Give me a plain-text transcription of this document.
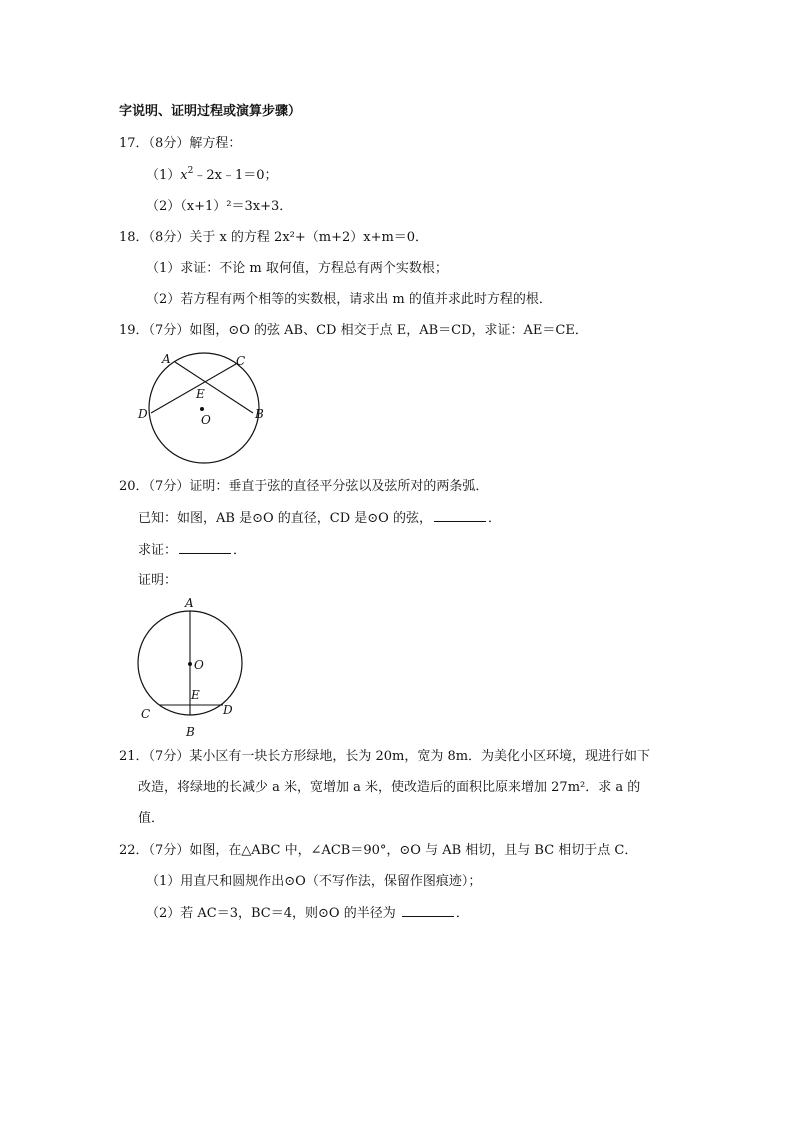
字说明、证明过程或演算步骤）
17．（8分）解方程：
$(1)x^2﹣2x﹣1=0$；
（2）（x+1）²＝3x+3．
18．（8分）关于 x 的方程 2x²+（m+2）x+m＝0．
（1）求证：不论 m 取何值，方程总有两个实数根；
（2）若方程有两个相等的实数根，请求出 m 的值并求此时方程的根．
19．（7分）如图，⊙O 的弦 AB、CD 相交于点 E，AB＝CD，求证：AE＝CE．
A	C
E
D	B
O
20．（7分）证明：垂直于弦的直径平分弦以及弦所对的两条弧．
已知：如图，AB 是⊙O 的直径，CD 是⊙O 的弦，	．
求证：	．
证明：
A
O
E
C	D
B
21．（7分）某小区有一块长方形绿地，长为 20m，宽为 8m．为美化小区环境，现进行如下
改造，将绿地的长减少 a 米，宽增加 a 米，使改造后的面积比原来增加 27m²．求 a 的
值．
22．（7分）如图，在△ABC 中，∠ACB＝90°，⊙O 与 AB 相切，且与 BC 相切于点 C．
（1）用直尺和圆规作出⊙O（不写作法，保留作图痕迹）；
（2）若 AC＝3，BC＝4，则⊙O 的半径为	．
